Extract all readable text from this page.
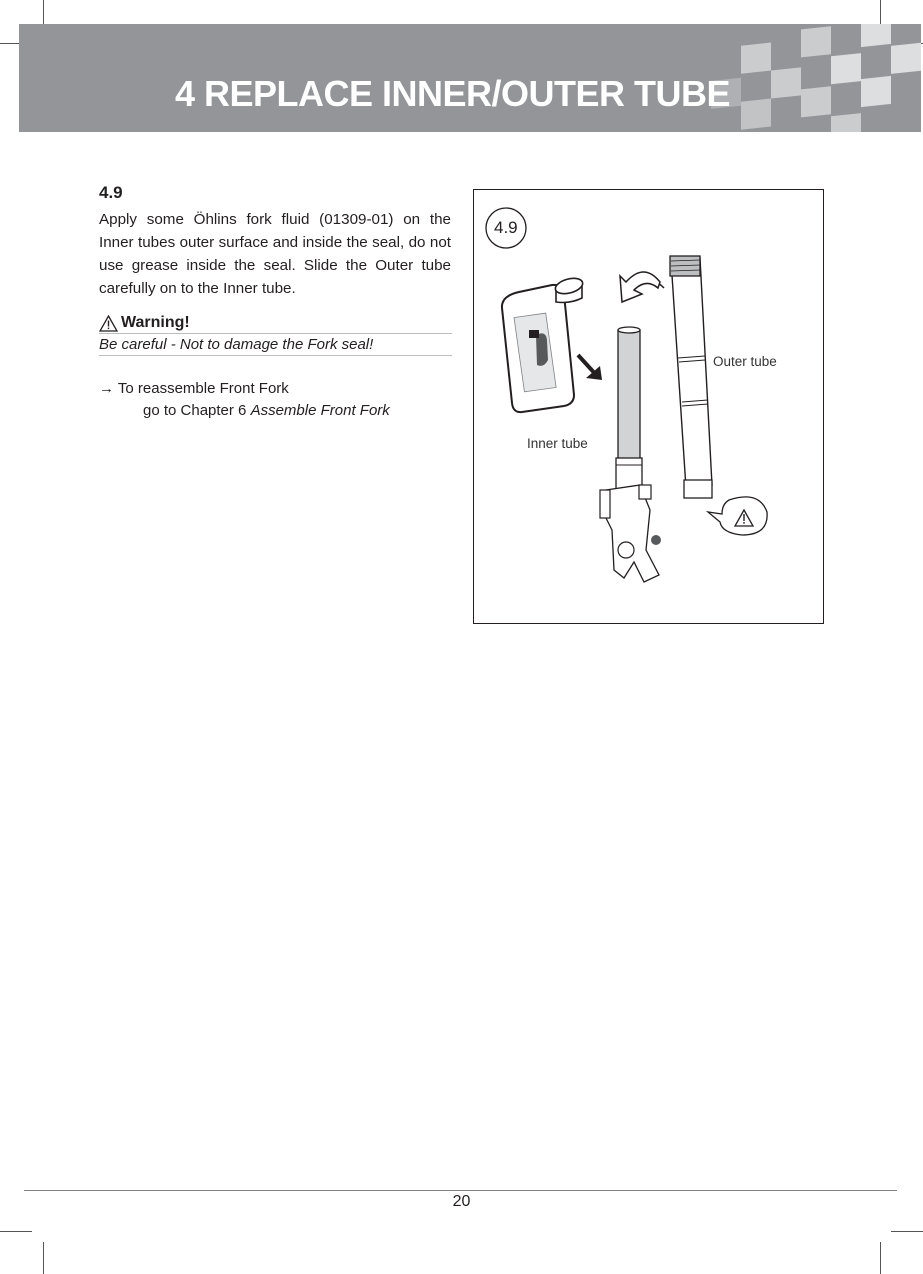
4 REPLACE INNER/OUTER TUBE
4.9

Apply some Öhlins fork fluid (01309-01) on the Inner tubes outer surface and inside the seal, do not use grease inside the seal. Slide the Outer tube carefully on to the Inner tube.

Warning!

Be careful - Not to damage the Fork seal!

→ To reassemble Front Fork
go to Chapter 6 Assemble Front Fork
4.9
Outer tube
Inner tube
20
